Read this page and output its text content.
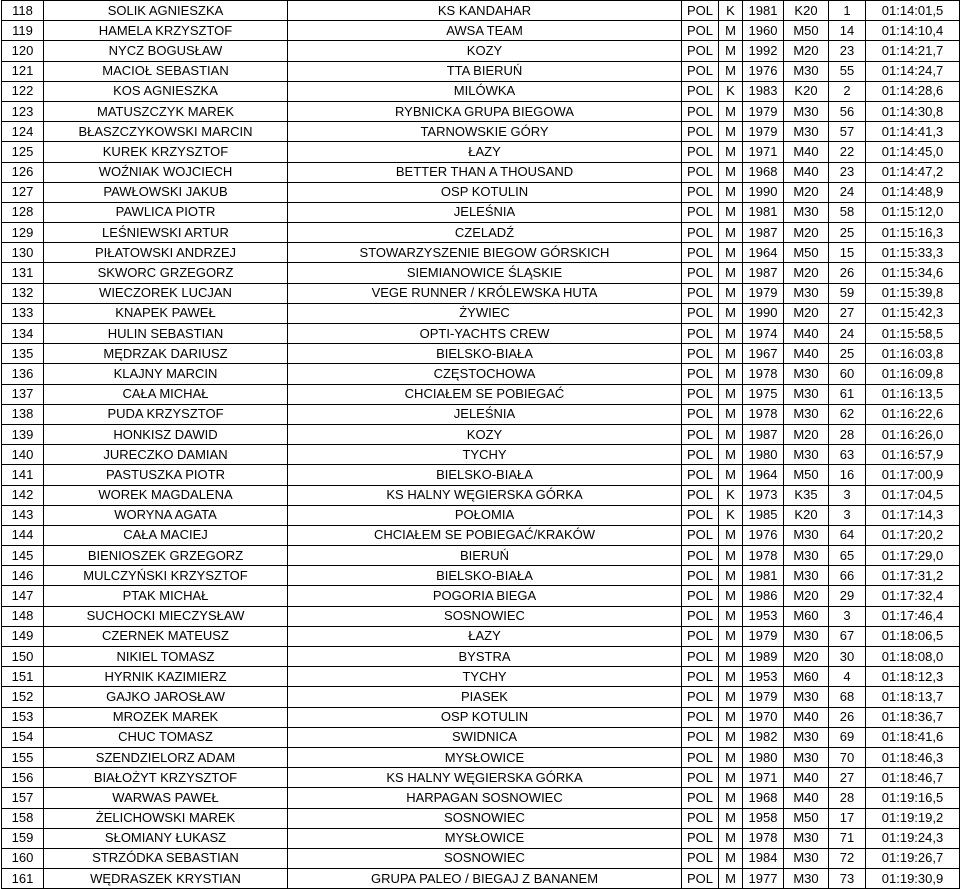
118	SOLIK AGNIESZKA	KS KANDAHAR	POL	K	1981	K20	1	01:14:01,5
119	HAMELA KRZYSZTOF	AWSA TEAM	POL	M	1960	M50	14	01:14:10,4
120	NYCZ BOGUSŁAW	KOZY	POL	M	1992	M20	23	01:14:21,7
121	MACIOŁ SEBASTIAN	TTA BIERUŃ	POL	M	1976	M30	55	01:14:24,7
122	KOS AGNIESZKA	MILÓWKA	POL	K	1983	K20	2	01:14:28,6
123	MATUSZCZYK MAREK	RYBNICKA GRUPA BIEGOWA	POL	M	1979	M30	56	01:14:30,8
124	BŁASZCZYKOWSKI MARCIN	TARNOWSKIE GÓRY	POL	M	1979	M30	57	01:14:41,3
125	KUREK KRZYSZTOF	ŁAZY	POL	M	1971	M40	22	01:14:45,0
126	WOŹNIAK WOJCIECH	BETTER THAN A THOUSAND	POL	M	1968	M40	23	01:14:47,2
127	PAWŁOWSKI JAKUB	OSP KOTULIN	POL	M	1990	M20	24	01:14:48,9
128	PAWLICA PIOTR	JELEŚNIA	POL	M	1981	M30	58	01:15:12,0
129	LEŚNIEWSKI ARTUR	CZELADŹ	POL	M	1987	M20	25	01:15:16,3
130	PIŁATOWSKI ANDRZEJ	STOWARZYSZENIE BIEGOW GÓRSKICH	POL	M	1964	M50	15	01:15:33,3
131	SKWORC GRZEGORZ	SIEMIANOWICE ŚLĄSKIE	POL	M	1987	M20	26	01:15:34,6
132	WIECZOREK LUCJAN	VEGE RUNNER / KRÓLEWSKA HUTA	POL	M	1979	M30	59	01:15:39,8
133	KNAPEK PAWEŁ	ŻYWIEC	POL	M	1990	M20	27	01:15:42,3
134	HULIN SEBASTIAN	OPTI-YACHTS CREW	POL	M	1974	M40	24	01:15:58,5
135	MĘDRZAK DARIUSZ	BIELSKO-BIAŁA	POL	M	1967	M40	25	01:16:03,8
136	KLAJNY MARCIN	CZĘSTOCHOWA	POL	M	1978	M30	60	01:16:09,8
137	CAŁA MICHAŁ	CHCIAŁEM SE POBIEGAĆ	POL	M	1975	M30	61	01:16:13,5
138	PUDA KRZYSZTOF	JELEŚNIA	POL	M	1978	M30	62	01:16:22,6
139	HONKISZ DAWID	KOZY	POL	M	1987	M20	28	01:16:26,0
140	JURECZKO DAMIAN	TYCHY	POL	M	1980	M30	63	01:16:57,9
141	PASTUSZKA PIOTR	BIELSKO-BIAŁA	POL	M	1964	M50	16	01:17:00,9
142	WOREK MAGDALENA	KS HALNY WĘGIERSKA GÓRKA	POL	K	1973	K35	3	01:17:04,5
143	WORYNA AGATA	POŁOMIA	POL	K	1985	K20	3	01:17:14,3
144	CAŁA MACIEJ	CHCIAŁEM SE POBIEGAĆ/KRAKÓW	POL	M	1976	M30	64	01:17:20,2
145	BIENIOSZEK GRZEGORZ	BIERUŃ	POL	M	1978	M30	65	01:17:29,0
146	MULCZYŃSKI KRZYSZTOF	BIELSKO-BIAŁA	POL	M	1981	M30	66	01:17:31,2
147	PTAK MICHAŁ	POGORIA BIEGA	POL	M	1986	M20	29	01:17:32,4
148	SUCHOCKI MIECZYSŁAW	SOSNOWIEC	POL	M	1953	M60	3	01:17:46,4
149	CZERNEK MATEUSZ	ŁAZY	POL	M	1979	M30	67	01:18:06,5
150	NIKIEL TOMASZ	BYSTRA	POL	M	1989	M20	30	01:18:08,0
151	HYRNIK KAZIMIERZ	TYCHY	POL	M	1953	M60	4	01:18:12,3
152	GAJKO JAROSŁAW	PIASEK	POL	M	1979	M30	68	01:18:13,7
153	MROZEK MAREK	OSP KOTULIN	POL	M	1970	M40	26	01:18:36,7
154	CHUC TOMASZ	SWIDNICA	POL	M	1982	M30	69	01:18:41,6
155	SZENDZIELORZ ADAM	MYSŁOWICE	POL	M	1980	M30	70	01:18:46,3
156	BIAŁOŻYT KRZYSZTOF	KS HALNY WĘGIERSKA GÓRKA	POL	M	1971	M40	27	01:18:46,7
157	WARWAS PAWEŁ	HARPAGAN SOSNOWIEC	POL	M	1968	M40	28	01:19:16,5
158	ŻELICHOWSKI MAREK	SOSNOWIEC	POL	M	1958	M50	17	01:19:19,2
159	SŁOMIANY ŁUKASZ	MYSŁOWICE	POL	M	1978	M30	71	01:19:24,3
160	STRZÓDKA SEBASTIAN	SOSNOWIEC	POL	M	1984	M30	72	01:19:26,7
161	WĘDRASZEK KRYSTIAN	GRUPA PALEO / BIEGAJ Z BANANEM	POL	M	1977	M30	73	01:19:30,9
